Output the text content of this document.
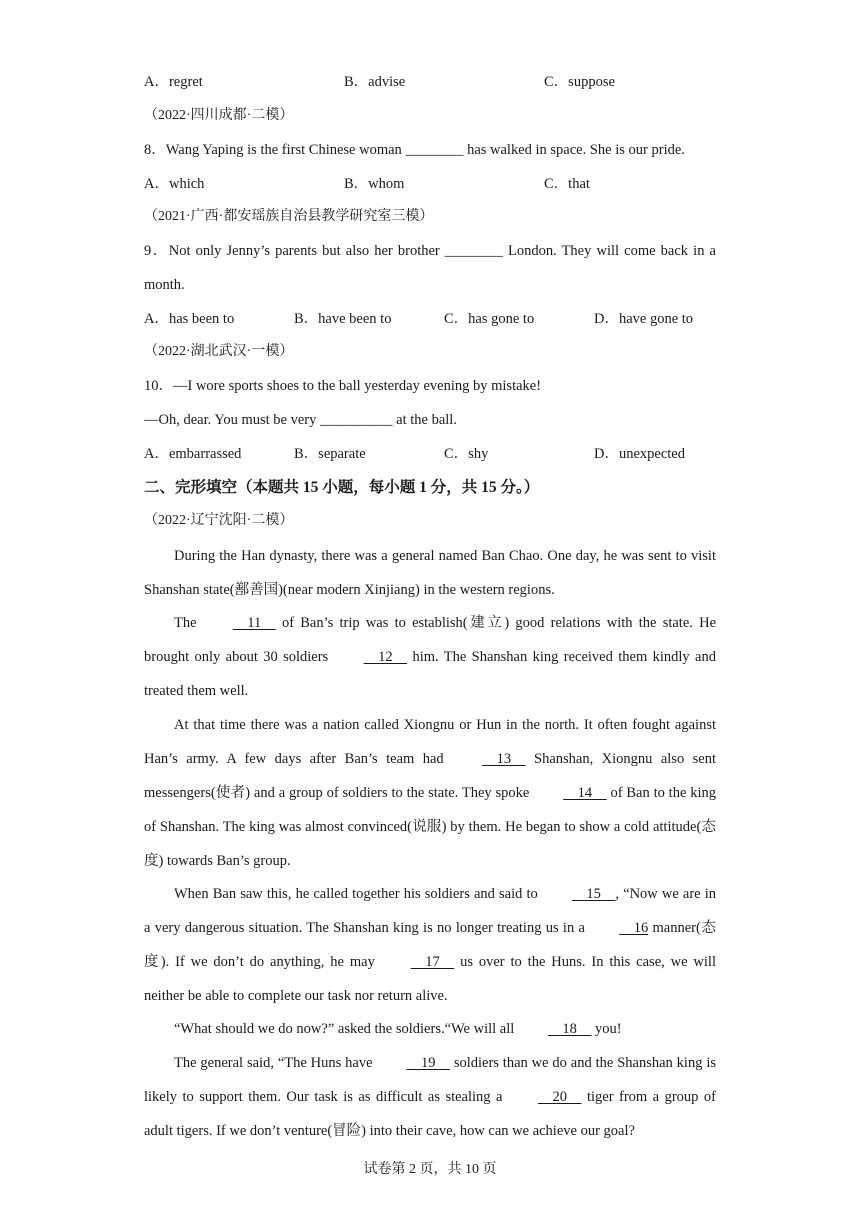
A．regret	B．advise	C．suppose
（2022·四川成都·二模）
8．Wang Yaping is the first Chinese woman ________ has walked in space. She is our pride.
A．which	B．whom	C．that
（2021·广西·都安瑶族自治县教学研究室三模）
9．Not only Jenny’s parents but also her brother ________ London. They will come back in a month.
A．has been to	B．have been to	C．has gone to	D．have gone to
（2022·湖北武汉·一模）
10．—I wore sports shoes to the ball yesterday evening by mistake!
—Oh, dear. You must be very __________ at the ball.
A．embarrassed	B．separate	C．shy	D．unexpected
二、完形填空（本题共 15 小题，每小题 1 分，共 15 分。）
（2022·辽宁沈阳·二模）
During the Han dynasty, there was a general named Ban Chao. One day, he was sent to visit Shanshan state(鄯善国)(near modern Xinjiang) in the western regions.
The     11     of Ban’s trip was to establish(建立) good relations with the state. He brought only about 30 soldiers     12     him. The Shanshan king received them kindly and treated them well.
At that time there was a nation called Xiongnu or Hun in the north. It often fought against Han’s army. A few days after Ban’s team had     13     Shanshan, Xiongnu also sent messengers(使者) and a group of soldiers to the state. They spoke     14     of Ban to the king of Shanshan. The king was almost convinced(说服) by them. He began to show a cold attitude(态度) towards Ban’s group.
When Ban saw this, he called together his soldiers and said to     15    , “Now we are in a very dangerous situation. The Shanshan king is no longer treating us in a     16 manner(态度). If we don’t do anything, he may     17     us over to the Huns. In this case, we will neither be able to complete our task nor return alive.
“What should we do now?” asked the soldiers.“We will all     18     you!
The general said, “The Huns have     19     soldiers than we do and the Shanshan king is likely to support them. Our task is as difficult as stealing a     20     tiger from a group of adult tigers. If we don’t venture(冒险) into their cave, how can we achieve our goal?
试卷第 2 页，共 10 页
